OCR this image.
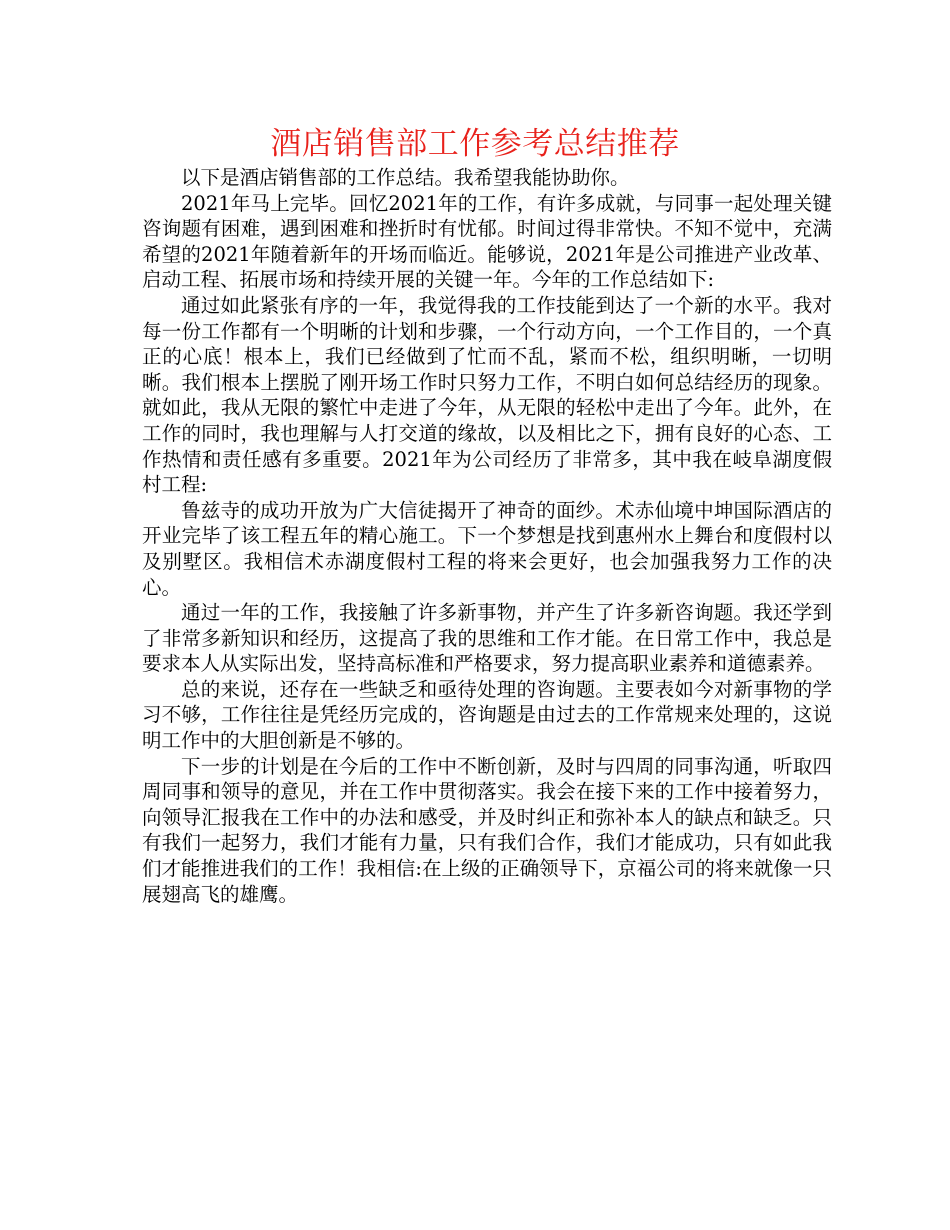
酒店销售部工作参考总结推荐

以下是酒店销售部的工作总结。我希望我能协助你。

2021年马上完毕。回忆2021年的工作，有许多成就，与同事一起处理关键咨询题有困难，遇到困难和挫折时有忧郁。时间过得非常快。不知不觉中，充满希望的2021年随着新年的开场而临近。能够说，2021年是公司推进产业改革、启动工程、拓展市场和持续开展的关键一年。今年的工作总结如下:

通过如此紧张有序的一年，我觉得我的工作技能到达了一个新的水平。我对每一份工作都有一个明晰的计划和步骤，一个行动方向，一个工作目的，一个真正的心底！根本上，我们已经做到了忙而不乱，紧而不松，组织明晰，一切明晰。我们根本上摆脱了刚开场工作时只努力工作，不明白如何总结经历的现象。就如此，我从无限的繁忙中走进了今年，从无限的轻松中走出了今年。此外，在工作的同时，我也理解与人打交道的缘故，以及相比之下，拥有良好的心态、工作热情和责任感有多重要。2021年为公司经历了非常多，其中我在岐阜湖度假村工程:

鲁兹寺的成功开放为广大信徒揭开了神奇的面纱。术赤仙境中坤国际酒店的开业完毕了该工程五年的精心施工。下一个梦想是找到惠州水上舞台和度假村以及别墅区。我相信术赤湖度假村工程的将来会更好，也会加强我努力工作的决心。

通过一年的工作，我接触了许多新事物，并产生了许多新咨询题。我还学到了非常多新知识和经历，这提高了我的思维和工作才能。在日常工作中，我总是要求本人从实际出发，坚持高标准和严格要求，努力提高职业素养和道德素养。

总的来说，还存在一些缺乏和亟待处理的咨询题。主要表如今对新事物的学习不够，工作往往是凭经历完成的，咨询题是由过去的工作常规来处理的，这说明工作中的大胆创新是不够的。

下一步的计划是在今后的工作中不断创新，及时与四周的同事沟通，听取四周同事和领导的意见，并在工作中贯彻落实。我会在接下来的工作中接着努力，向领导汇报我在工作中的办法和感受，并及时纠正和弥补本人的缺点和缺乏。只有我们一起努力，我们才能有力量，只有我们合作，我们才能成功，只有如此我们才能推进我们的工作！我相信:在上级的正确领导下，京福公司的将来就像一只展翅高飞的雄鹰。
